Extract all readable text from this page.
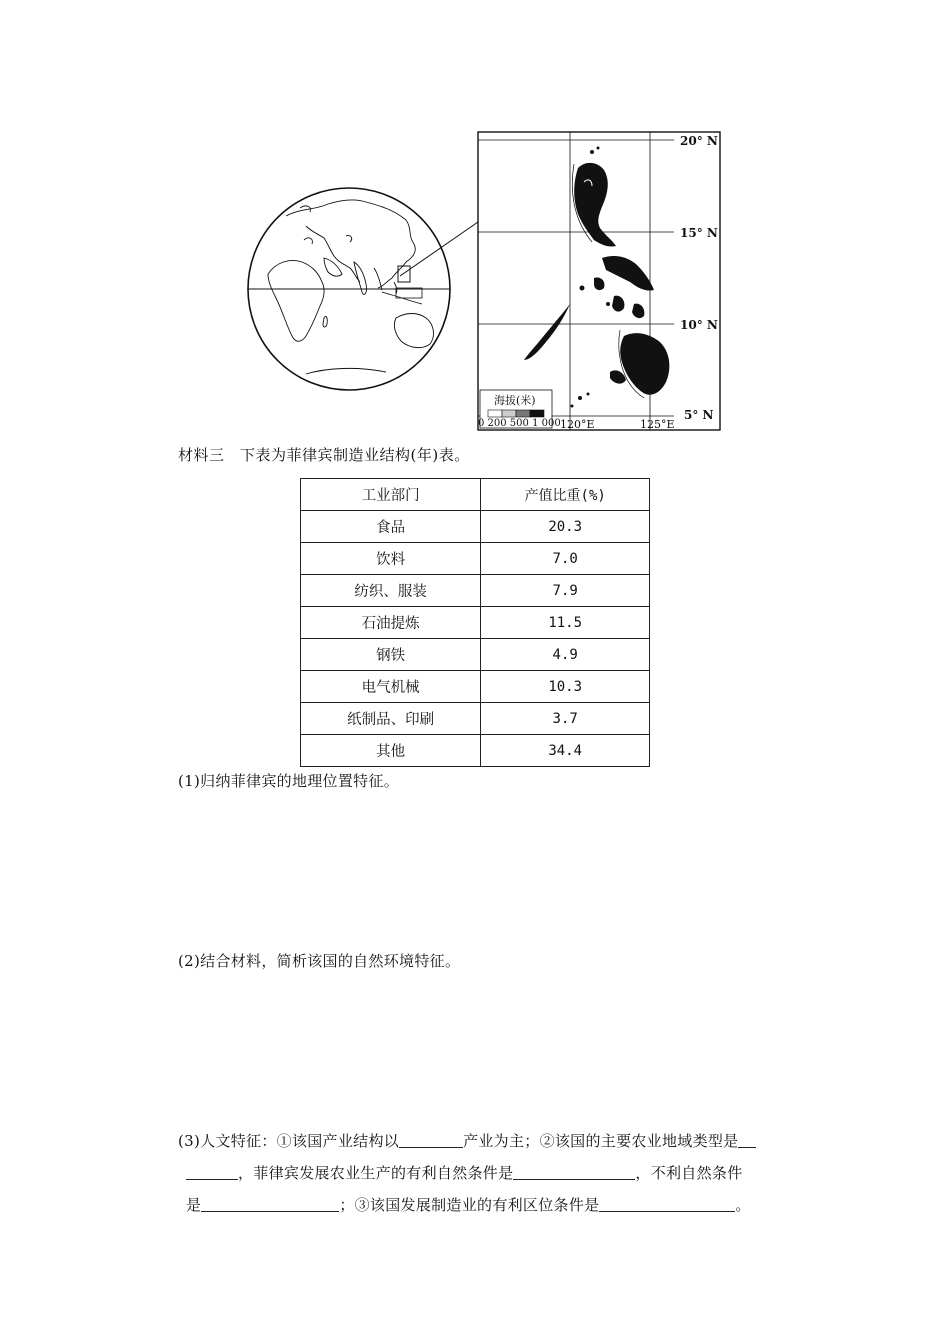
20° N
15° N
10° N
5° N
120°E	125°E
海拔(米)
0 200 500 1 000
材料三　下表为菲律宾制造业结构(年)表。
工业部门	产值比重(%)
食品	20.3
饮料	7.0
纺织、服装	7.9
石油提炼	11.5
钢铁	4.9
电气机械	10.3
纸制品、印刷	3.7
其他	34.4
(1)归纳菲律宾的地理位置特征。
(2)结合材料，简析该国的自然环境特征。
(3)人文特征：①该国产业结构以	产业为主；②该国的主要农业地域类型是
，菲律宾发展农业生产的有利自然条件是	，不利自然条件
是	；③该国发展制造业的有利区位条件是	。
